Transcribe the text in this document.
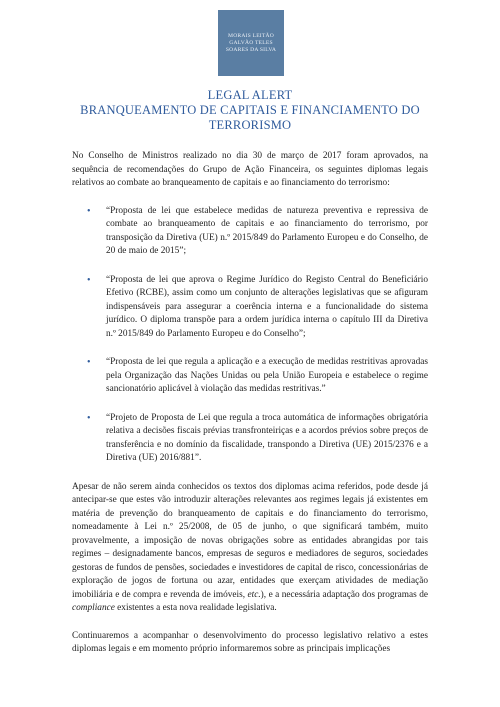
MORAIS LEITÃO
GALVÃO TELES
SOARES DA SILVA
LEGAL ALERT
BRANQUEAMENTO DE CAPITAIS E FINANCIAMENTO DO
TERRORISMO

No Conselho de Ministros realizado no dia 30 de março de 2017 foram aprovados, na sequência de recomendações do Grupo de Ação Financeira, os seguintes diplomas legais relativos ao combate ao branqueamento de capitais e ao financiamento do terrorismo:

• “Proposta de lei que estabelece medidas de natureza preventiva e repressiva de combate ao branqueamento de capitais e ao financiamento do terrorismo, por transposição da Diretiva (UE) n.º 2015/849 do Parlamento Europeu e do Conselho, de 20 de maio de 2015”;
• “Proposta de lei que aprova o Regime Jurídico do Registo Central do Beneficiário Efetivo (RCBE), assim como um conjunto de alterações legislativas que se afiguram indispensáveis para assegurar a coerência interna e a funcionalidade do sistema jurídico. O diploma transpõe para a ordem jurídica interna o capítulo III da Diretiva n.º 2015/849 do Parlamento Europeu e do Conselho”;
• “Proposta de lei que regula a aplicação e a execução de medidas restritivas aprovadas pela Organização das Nações Unidas ou pela União Europeia e estabelece o regime sancionatório aplicável à violação das medidas restritivas.”
• “Projeto de Proposta de Lei que regula a troca automática de informações obrigatória relativa a decisões fiscais prévias transfronteiriças e a acordos prévios sobre preços de transferência e no domínio da fiscalidade, transpondo a Diretiva (UE) 2015/2376 e a Diretiva (UE) 2016/881”.

Apesar de não serem ainda conhecidos os textos dos diplomas acima referidos, pode desde já antecipar-se que estes vão introduzir alterações relevantes aos regimes legais já existentes em matéria de prevenção do branqueamento de capitais e do financiamento do terrorismo, nomeadamente à Lei n.º 25/2008, de 05 de junho, o que significará também, muito provavelmente, a imposição de novas obrigações sobre as entidades abrangidas por tais regimes – designadamente bancos, empresas de seguros e mediadores de seguros, sociedades gestoras de fundos de pensões, sociedades e investidores de capital de risco, concessionárias de exploração de jogos de fortuna ou azar, entidades que exerçam atividades de mediação imobiliária e de compra e revenda de imóveis, etc.), e a necessária adaptação dos programas de compliance existentes a esta nova realidade legislativa.

Continuaremos a acompanhar o desenvolvimento do processo legislativo relativo a estes diplomas legais e em momento próprio informaremos sobre as principais implicações
